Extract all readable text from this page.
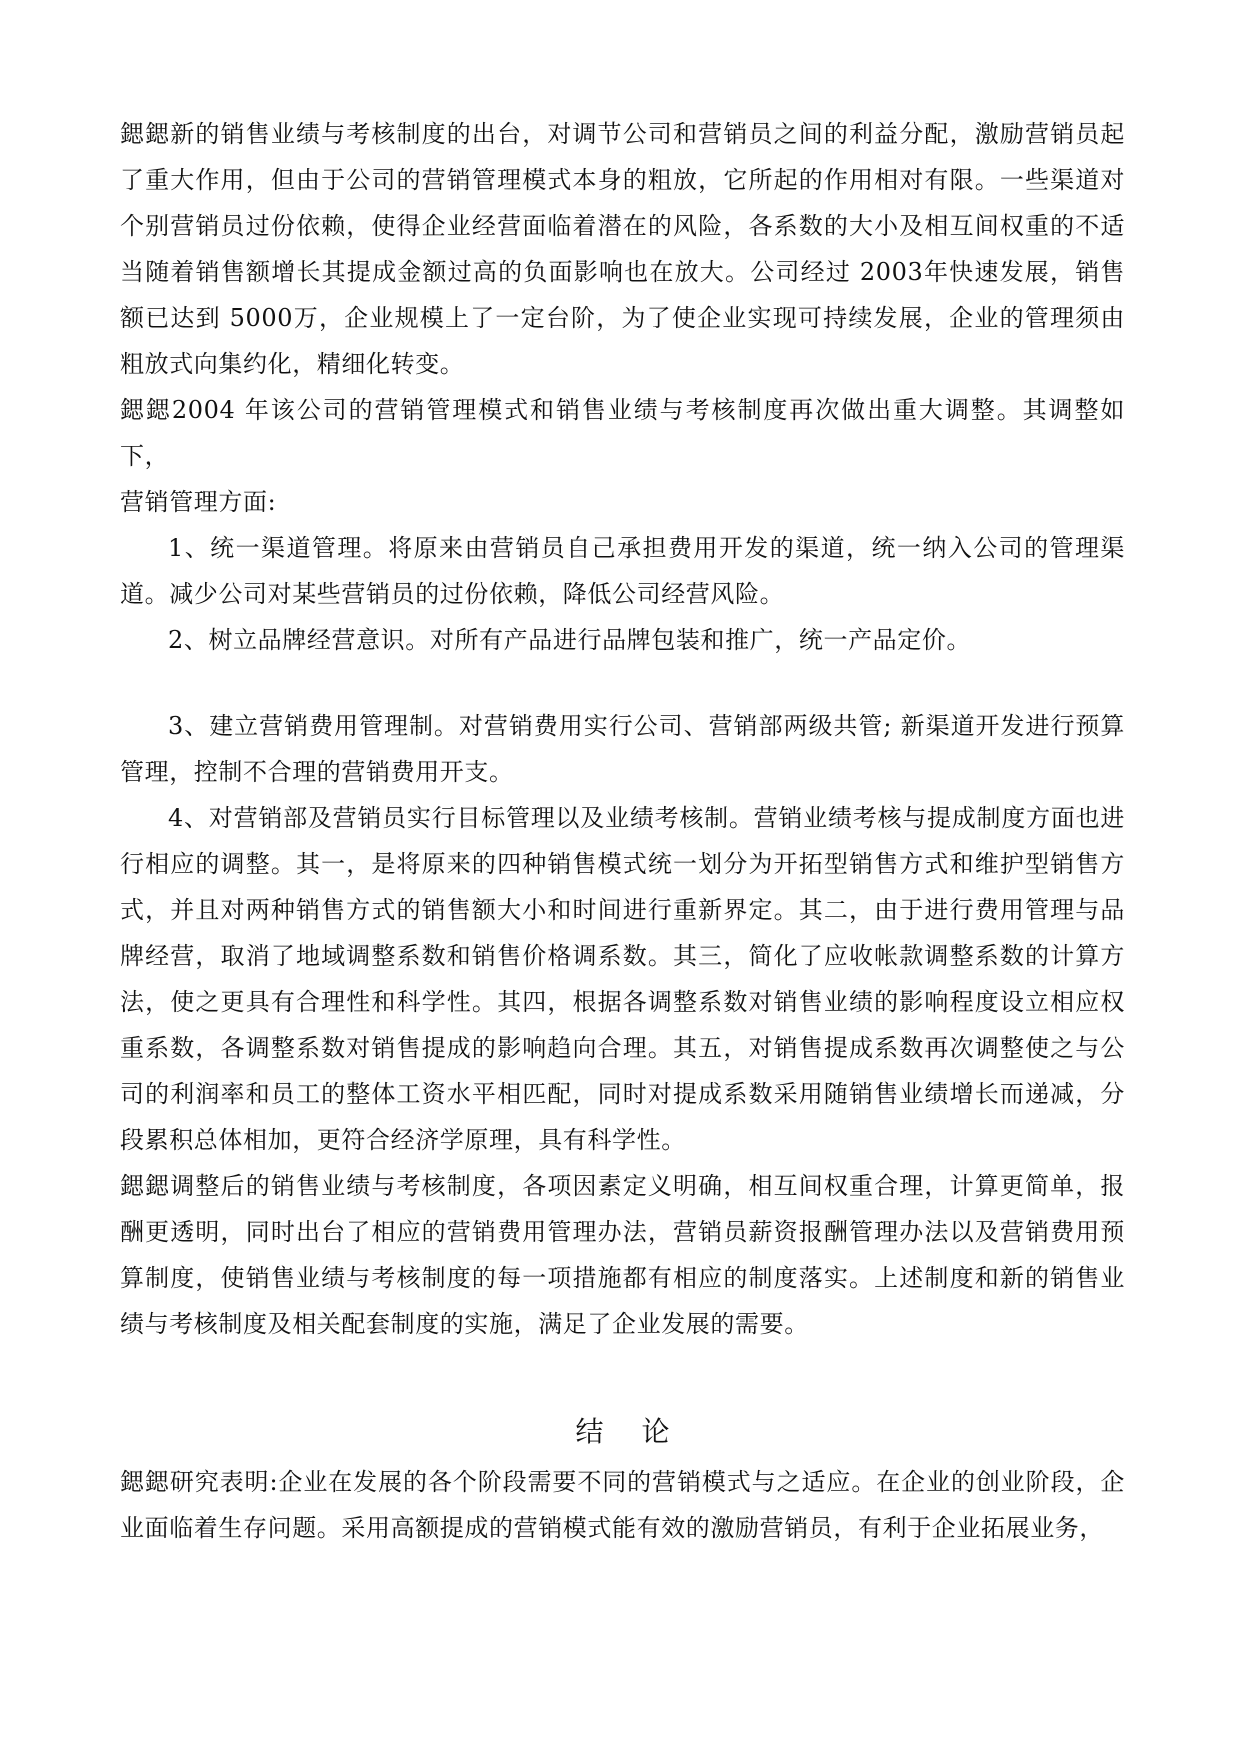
鍶鍶新的销售业绩与考核制度的出台，对调节公司和营销员之间的利益分配，激励营销员起了重大作用，但由于公司的营销管理模式本身的粗放，它所起的作用相对有限。一些渠道对个别营销员过份依赖，使得企业经营面临着潜在的风险，各系数的大小及相互间权重的不适当随着销售额增长其提成金额过高的负面影响也在放大。公司经过 2003年快速发展，销售额已达到 5000万，企业规模上了一定台阶，为了使企业实现可持续发展，企业的管理须由粗放式向集约化，精细化转变。

鍶鍶2004 年该公司的营销管理模式和销售业绩与考核制度再次做出重大调整。其调整如下，

营销管理方面:

1、统一渠道管理。将原来由营销员自己承担费用开发的渠道，统一纳入公司的管理渠道。减少公司对某些营销员的过份依赖，降低公司经营风险。

2、树立品牌经营意识。对所有产品进行品牌包装和推广，统一产品定价。

3、建立营销费用管理制。对营销费用实行公司、营销部两级共管; 新渠道开发进行预算管理，控制不合理的营销费用开支。

4、对营销部及营销员实行目标管理以及业绩考核制。营销业绩考核与提成制度方面也进行相应的调整。其一，是将原来的四种销售模式统一划分为开拓型销售方式和维护型销售方式，并且对两种销售方式的销售额大小和时间进行重新界定。其二，由于进行费用管理与品牌经营，取消了地域调整系数和销售价格调系数。其三，简化了应收帐款调整系数的计算方法，使之更具有合理性和科学性。其四，根据各调整系数对销售业绩的影响程度设立相应权重系数，各调整系数对销售提成的影响趋向合理。其五，对销售提成系数再次调整使之与公司的利润率和员工的整体工资水平相匹配，同时对提成系数采用随销售业绩增长而递减，分段累积总体相加，更符合经济学原理，具有科学性。

鍶鍶调整后的销售业绩与考核制度，各项因素定义明确，相互间权重合理，计算更简单，报酬更透明，同时出台了相应的营销费用管理办法，营销员薪资报酬管理办法以及营销费用预算制度，使销售业绩与考核制度的每一项措施都有相应的制度落实。上述制度和新的销售业绩与考核制度及相关配套制度的实施，满足了企业发展的需要。

结论

鍶鍶研究表明:企业在发展的各个阶段需要不同的营销模式与之适应。在企业的创业阶段，企业面临着生存问题。采用高额提成的营销模式能有效的激励营销员，有利于企业拓展业务，
